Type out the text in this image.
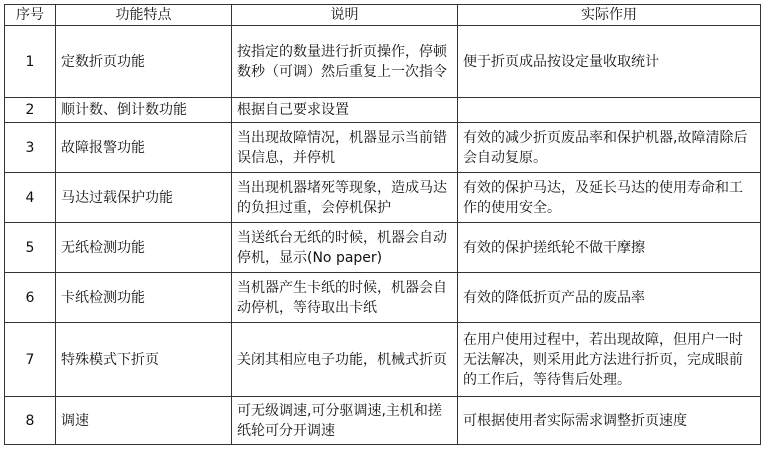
序号	功能特点	说明	实际作用
1	定数折页功能	按指定的数量进行折页操作，停顿数秒（可调）然后重复上一次指令	便于折页成品按设定量收取统计
2	顺计数、倒计数功能	根据自己要求设置	
3	故障报警功能	当出现故障情况，机器显示当前错误信息，并停机	有效的减少折页废品率和保护机器,故障清除后会自动复原。
4	马达过载保护功能	当出现机器堵死等现象，造成马达的负担过重，会停机保护	有效的保护马达，及延长马达的使用寿命和工作的使用安全。
5	无纸检测功能	当送纸台无纸的时候，机器会自动停机，显示(No paper)	有效的保护搓纸轮不做干摩擦
6	卡纸检测功能	当机器产生卡纸的时候，机器会自动停机，等待取出卡纸	有效的降低折页产品的废品率
7	特殊模式下折页	关闭其相应电子功能，机械式折页	在用户使用过程中，若出现故障，但用户一时无法解决，则采用此方法进行折页，完成眼前的工作后，等待售后处理。
8	调速	可无级调速,可分驱调速,主机和搓纸轮可分开调速	可根据使用者实际需求调整折页速度
